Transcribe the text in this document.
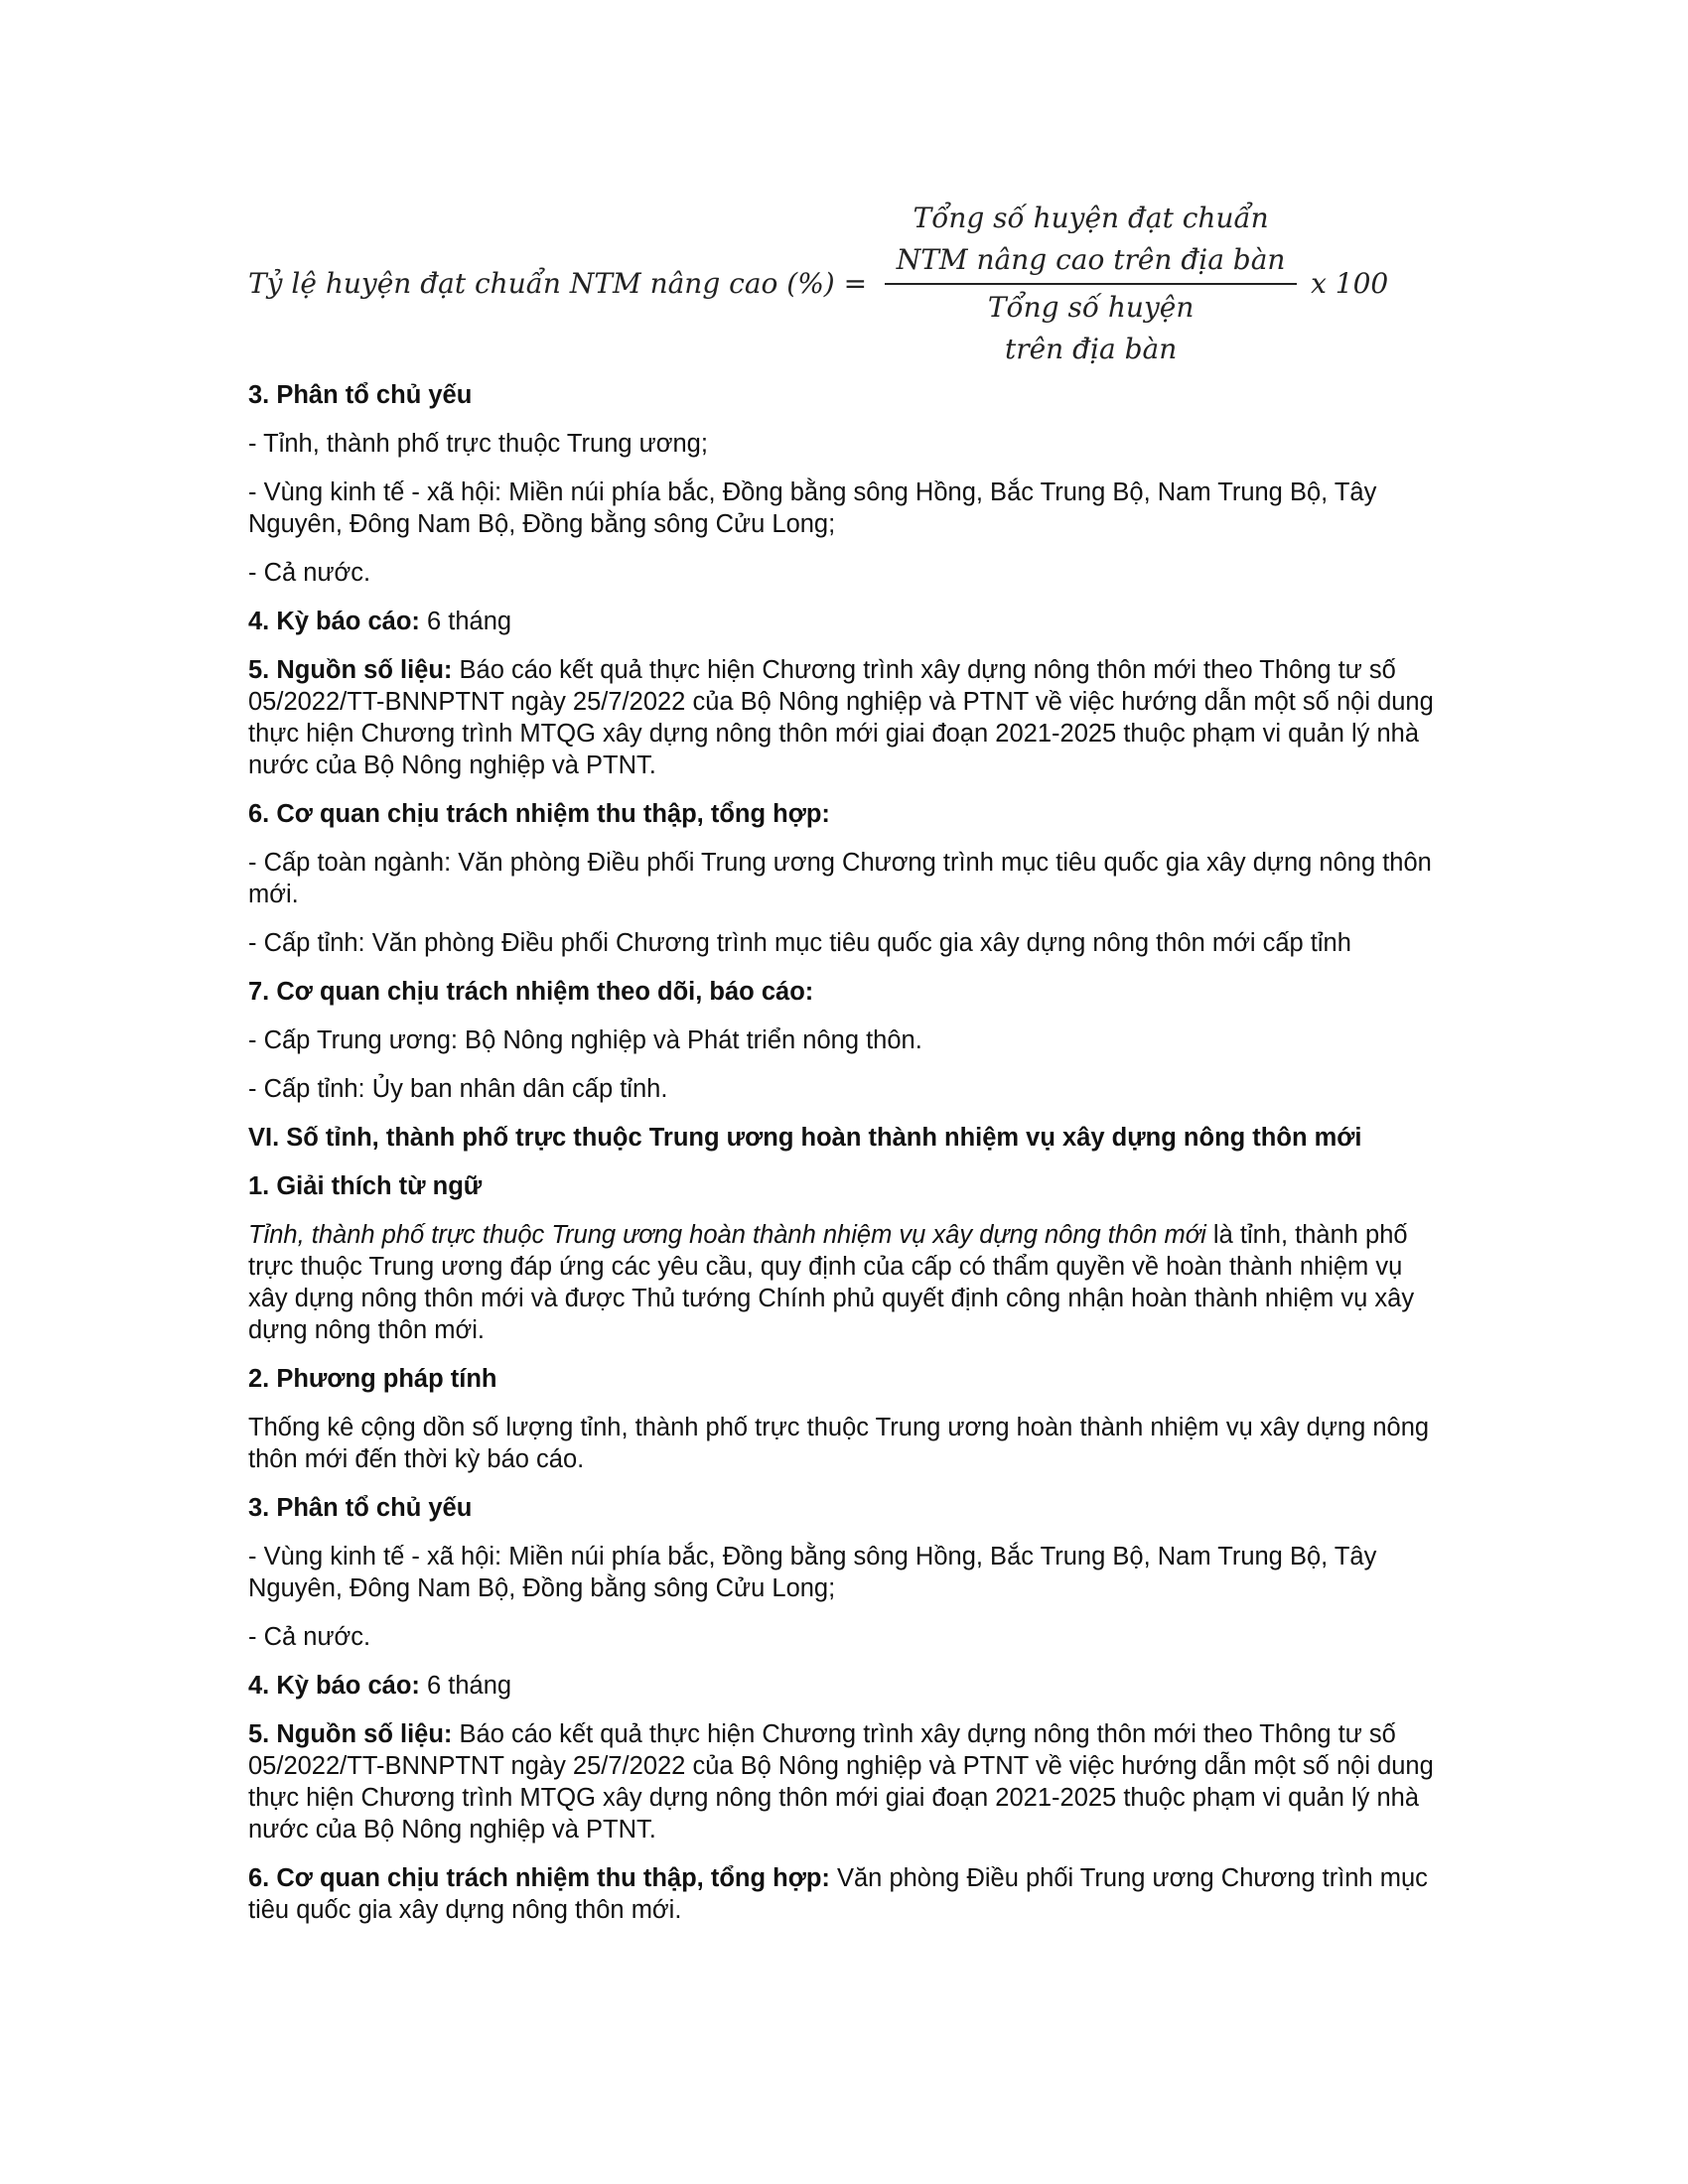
Tỷ lệ huyện đạt chuẩn NTM nâng cao (%) = Tổng số huyện đạt chuẩn
NTM nâng cao trên địa bàn
Tổng số huyện
trên địa bàn x 100

3. Phân tổ chủ yếu

- Tỉnh, thành phố trực thuộc Trung ương;

- Vùng kinh tế - xã hội: Miền núi phía bắc, Đồng bằng sông Hồng, Bắc Trung Bộ, Nam Trung Bộ, Tây Nguyên, Đông Nam Bộ, Đồng bằng sông Cửu Long;

- Cả nước.

4. Kỳ báo cáo: 6 tháng

5. Nguồn số liệu: Báo cáo kết quả thực hiện Chương trình xây dựng nông thôn mới theo Thông tư số 05/2022/TT-BNNPTNT ngày 25/7/2022 của Bộ Nông nghiệp và PTNT về việc hướng dẫn một số nội dung thực hiện Chương trình MTQG xây dựng nông thôn mới giai đoạn 2021-2025 thuộc phạm vi quản lý nhà nước của Bộ Nông nghiệp và PTNT.

6. Cơ quan chịu trách nhiệm thu thập, tổng hợp:

- Cấp toàn ngành: Văn phòng Điều phối Trung ương Chương trình mục tiêu quốc gia xây dựng nông thôn mới.

- Cấp tỉnh: Văn phòng Điều phối Chương trình mục tiêu quốc gia xây dựng nông thôn mới cấp tỉnh

7. Cơ quan chịu trách nhiệm theo dõi, báo cáo:

- Cấp Trung ương: Bộ Nông nghiệp và Phát triển nông thôn.

- Cấp tỉnh: Ủy ban nhân dân cấp tỉnh.

VI. Số tỉnh, thành phố trực thuộc Trung ương hoàn thành nhiệm vụ xây dựng nông thôn mới

1. Giải thích từ ngữ

Tỉnh, thành phố trực thuộc Trung ương hoàn thành nhiệm vụ xây dựng nông thôn mới là tỉnh, thành phố trực thuộc Trung ương đáp ứng các yêu cầu, quy định của cấp có thẩm quyền về hoàn thành nhiệm vụ xây dựng nông thôn mới và được Thủ tướng Chính phủ quyết định công nhận hoàn thành nhiệm vụ xây dựng nông thôn mới.

2. Phương pháp tính

Thống kê cộng dồn số lượng tỉnh, thành phố trực thuộc Trung ương hoàn thành nhiệm vụ xây dựng nông thôn mới đến thời kỳ báo cáo.

3. Phân tổ chủ yếu

- Vùng kinh tế - xã hội: Miền núi phía bắc, Đồng bằng sông Hồng, Bắc Trung Bộ, Nam Trung Bộ, Tây Nguyên, Đông Nam Bộ, Đồng bằng sông Cửu Long;

- Cả nước.

4. Kỳ báo cáo: 6 tháng

5. Nguồn số liệu: Báo cáo kết quả thực hiện Chương trình xây dựng nông thôn mới theo Thông tư số 05/2022/TT-BNNPTNT ngày 25/7/2022 của Bộ Nông nghiệp và PTNT về việc hướng dẫn một số nội dung thực hiện Chương trình MTQG xây dựng nông thôn mới giai đoạn 2021-2025 thuộc phạm vi quản lý nhà nước của Bộ Nông nghiệp và PTNT.

6. Cơ quan chịu trách nhiệm thu thập, tổng hợp: Văn phòng Điều phối Trung ương Chương trình mục tiêu quốc gia xây dựng nông thôn mới.
